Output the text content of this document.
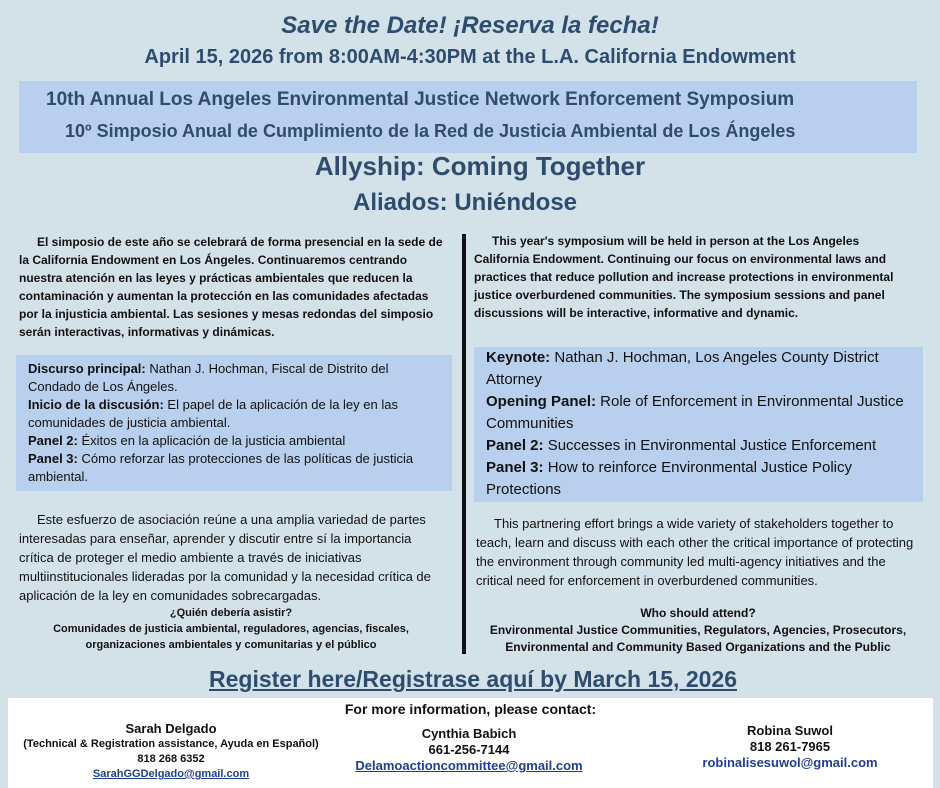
Save the Date! ¡Reserva la fecha!
April 15, 2026 from 8:00AM-4:30PM at the L.A. California Endowment
10th Annual Los Angeles Environmental Justice Network Enforcement Symposium
10º Simposio Anual de Cumplimiento de la Red de Justicia Ambiental de Los Ángeles
Allyship: Coming Together
Aliados: Uniéndose
El simposio de este año se celebrará de forma presencial en la sede de la California Endowment en Los Ángeles. Continuaremos centrando nuestra atención en las leyes y prácticas ambientales que reducen la contaminación y aumentan la protección en las comunidades afectadas por la injusticia ambiental. Las sesiones y mesas redondas del simposio serán interactivas, informativas y dinámicas.
This year's symposium will be held in person at the Los Angeles California Endowment. Continuing our focus on environmental laws and practices that reduce pollution and increase protections in environmental justice overburdened communities. The symposium sessions and panel discussions will be interactive, informative and dynamic.
Discurso principal: Nathan J. Hochman, Fiscal de Distrito del Condado de Los Ángeles.
Inicio de la discusión: El papel de la aplicación de la ley en las comunidades de justicia ambiental.
Panel 2: Éxitos en la aplicación de la justicia ambiental
Panel 3: Cómo reforzar las protecciones de las políticas de justicia ambiental.
Keynote: Nathan J. Hochman, Los Angeles County District Attorney
Opening Panel: Role of Enforcement in Environmental Justice Communities
Panel 2: Successes in Environmental Justice Enforcement
Panel 3: How to reinforce Environmental Justice Policy Protections
Este esfuerzo de asociación reúne a una amplia variedad de partes interesadas para enseñar, aprender y discutir entre sí la importancia crítica de proteger el medio ambiente a través de iniciativas multiinstitucionales lideradas por la comunidad y la necesidad crítica de aplicación de la ley en comunidades sobrecargadas.
This partnering effort brings a wide variety of stakeholders together to teach, learn and discuss with each other the critical importance of protecting the environment through community led multi-agency initiatives and the critical need for enforcement in overburdened communities.
¿Quién debería asistir?
Comunidades de justicia ambiental, reguladores, agencias, fiscales, organizaciones ambientales y comunitarias y el público
Who should attend?
Environmental Justice Communities, Regulators, Agencies, Prosecutors, Environmental and Community Based Organizations and the Public
Register here/Registrase aquí by March 15, 2026
For more information, please contact:
Sarah Delgado
(Technical & Registration assistance, Ayuda en Español)
818 268 6352
SarahGGDelgado@gmail.com
Cynthia Babich
661-256-7144
Delamoactioncommittee@gmail.com
Robina Suwol
818 261-7965
robinalisesuwol@gmail.com
